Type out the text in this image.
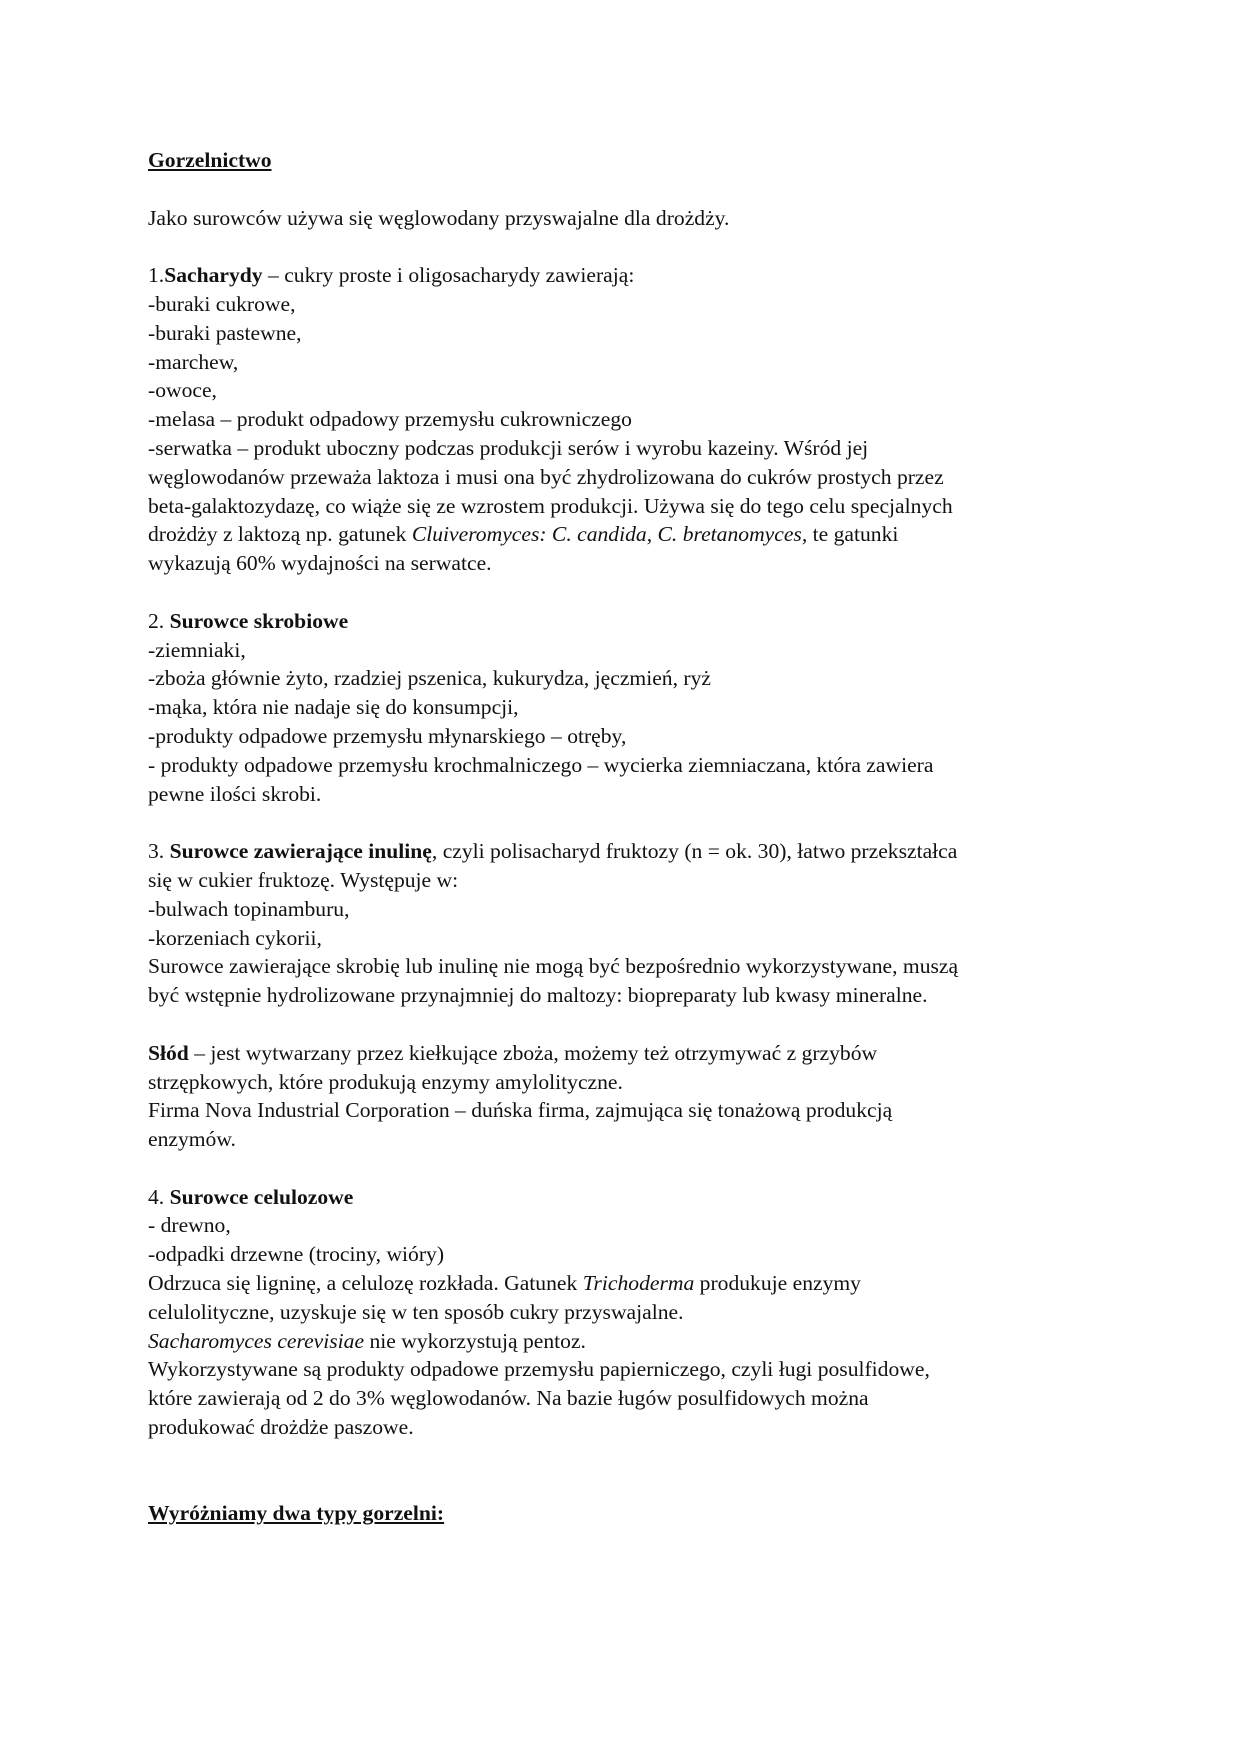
Gorzelnictwo

Jako surowców używa się węglowodany przyswajalne dla drożdży.

1.Sacharydy – cukry proste i oligosacharydy zawierają:

-buraki cukrowe,

-buraki pastewne,

-marchew,

-owoce,

-melasa – produkt odpadowy przemysłu cukrowniczego

-serwatka – produkt uboczny podczas produkcji serów i wyrobu kazeiny. Wśród jej

węglowodanów przeważa laktoza i musi ona być zhydrolizowana do cukrów prostych przez

beta-galaktozydazę, co wiąże się ze wzrostem produkcji. Używa się do tego celu specjalnych

drożdży z laktozą np. gatunek Cluiveromyces: C. candida, C. bretanomyces, te gatunki

wykazują 60% wydajności na serwatce.

2. Surowce skrobiowe

-ziemniaki,

-zboża głównie żyto, rzadziej pszenica, kukurydza, jęczmień, ryż

-mąka, która nie nadaje się do konsumpcji,

-produkty odpadowe przemysłu młynarskiego – otręby,

- produkty odpadowe przemysłu krochmalniczego – wycierka ziemniaczana, która zawiera

pewne ilości skrobi.

3. Surowce zawierające inulinę, czyli polisacharyd fruktozy (n = ok. 30), łatwo przekształca

się w cukier fruktozę. Występuje w:

-bulwach topinamburu,

-korzeniach cykorii,

Surowce zawierające skrobię lub inulinę nie mogą być bezpośrednio wykorzystywane, muszą

być wstępnie hydrolizowane przynajmniej do maltozy: biopreparaty lub kwasy mineralne.

Słód – jest wytwarzany przez kiełkujące zboża, możemy też otrzymywać z grzybów

strzępkowych, które produkują enzymy amylolityczne.

Firma Nova Industrial Corporation – duńska firma, zajmująca się tonażową produkcją

enzymów.

4. Surowce celulozowe

- drewno,

-odpadki drzewne (trociny, wióry)

Odrzuca się ligninę, a celulozę rozkłada. Gatunek Trichoderma produkuje enzymy

celulolityczne, uzyskuje się w ten sposób cukry przyswajalne.

Sacharomyces cerevisiae nie wykorzystują pentoz.

Wykorzystywane są produkty odpadowe przemysłu papierniczego, czyli ługi posulfidowe,

które zawierają od 2 do 3% węglowodanów. Na bazie ługów posulfidowych można

produkować drożdże paszowe.

Wyróżniamy dwa typy gorzelni:
